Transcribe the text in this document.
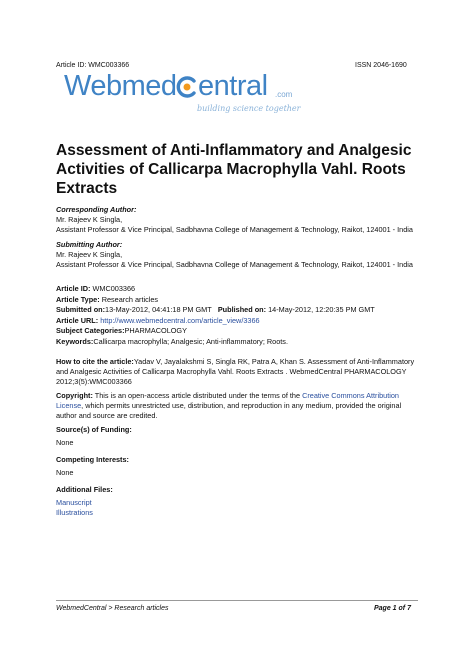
Article ID: WMC003366	ISSN 2046-1690
Webmed entral .com
building science together
Assessment of Anti-Inflammatory and Analgesic
Activities of Callicarpa Macrophylla Vahl. Roots
Extracts
Corresponding Author:
Mr. Rajeev K Singla,
Assistant Professor & Vice Principal, Sadbhavna College of Management & Technology, Raikot, 124001 - India
Submitting Author:
Mr. Rajeev K Singla,
Assistant Professor & Vice Principal, Sadbhavna College of Management & Technology, Raikot, 124001 - India
Article ID: WMC003366
Article Type: Research articles
Submitted on:13-May-2012, 04:41:18 PM GMT Published on: 14-May-2012, 12:20:35 PM GMT
Article URL: http://www.webmedcentral.com/article_view/3366
Subject Categories:PHARMACOLOGY
Keywords:Callicarpa macrophylla; Analgesic; Anti-inflammatory; Roots.
How to cite the article:Yadav V, Jayalakshmi S, Singla RK, Patra A, Khan S. Assessment of Anti-Inflammatory
and Analgesic Activities of Callicarpa Macrophylla Vahl. Roots Extracts . WebmedCentral PHARMACOLOGY
2012;3(5):WMC003366
Copyright: This is an open-access article distributed under the terms of the Creative Commons Attribution
License, which permits unrestricted use, distribution, and reproduction in any medium, provided the original
author and source are credited.
Source(s) of Funding:
None
Competing Interests:
None
Additional Files:
Manuscript
Illustrations
WebmedCentral > Research articles	Page 1 of 7
